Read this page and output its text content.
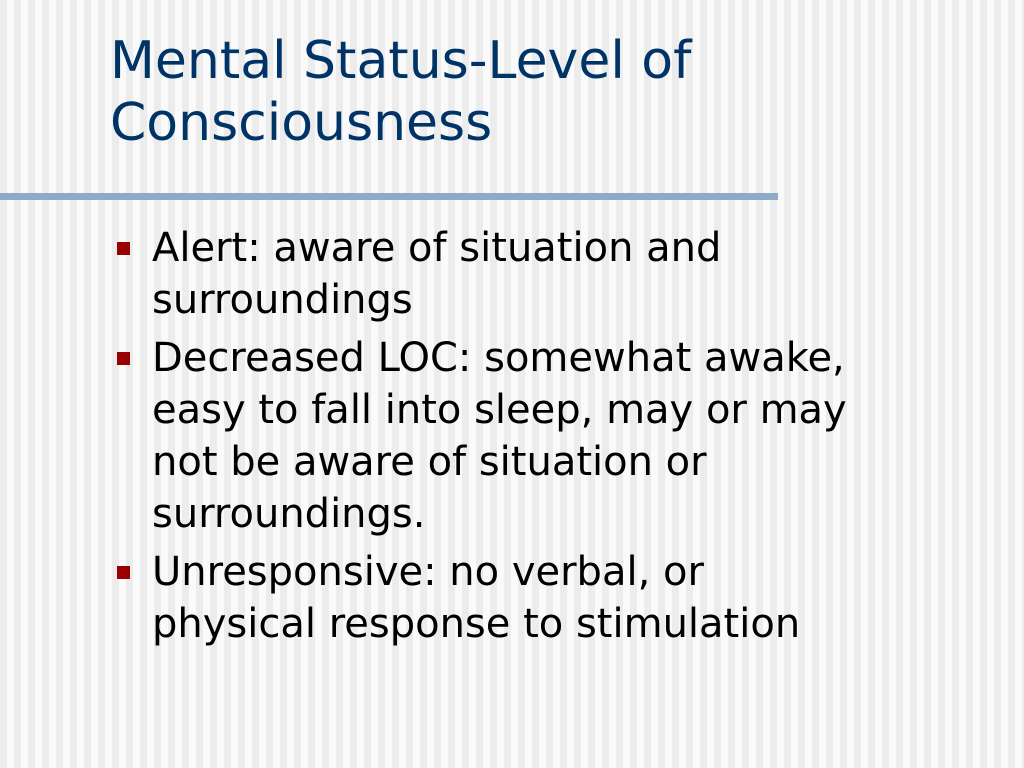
Mental Status-Level of
Consciousness
Alert: aware of situation and
surroundings
Decreased LOC: somewhat awake,
easy to fall into sleep, may or may
not be aware of situation or
surroundings.
Unresponsive: no verbal, or
physical response to stimulation
